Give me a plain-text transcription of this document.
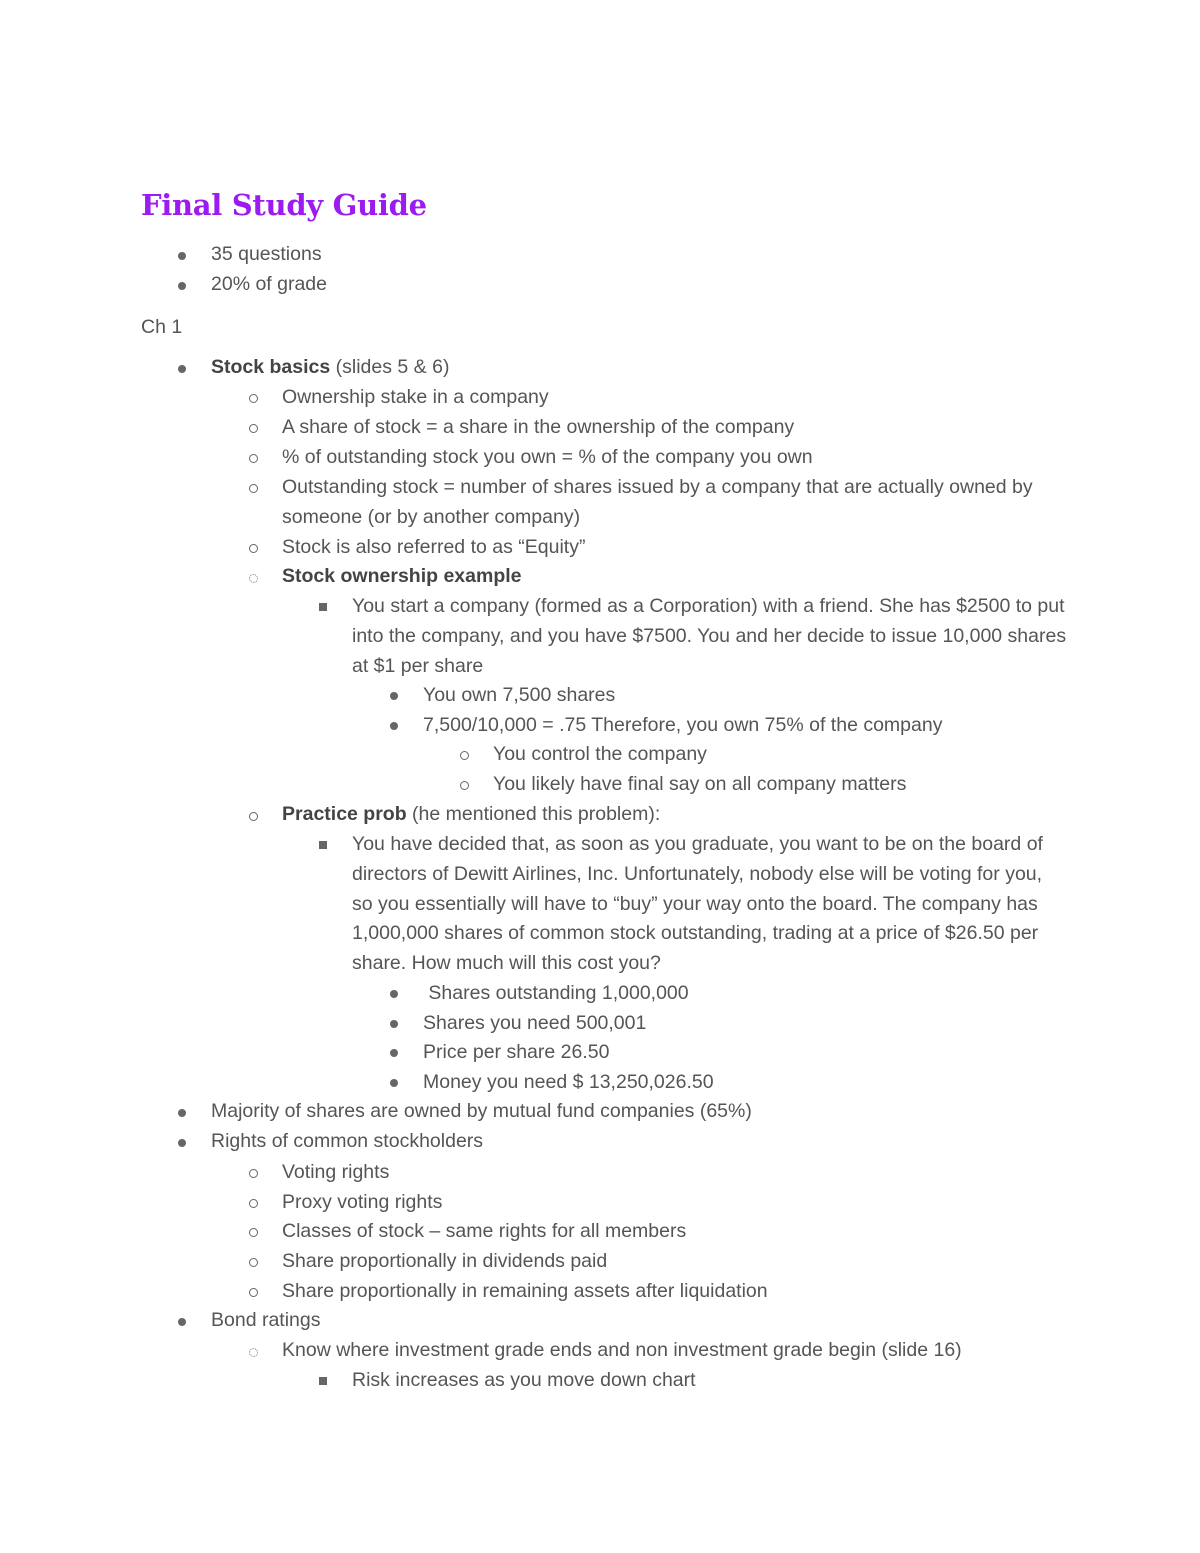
Final Study Guide
35 questions
20% of grade
Ch 1
Stock basics (slides 5 & 6)
Ownership stake in a company
A share of stock = a share in the ownership of the company
% of outstanding stock you own = % of the company you own
Outstanding stock = number of shares issued by a company that are actually owned by someone (or by another company)
Stock is also referred to as “Equity”
Stock ownership example
You start a company (formed as a Corporation) with a friend. She has $2500 to put into the company, and you have $7500. You and her decide to issue 10,000 shares at $1 per share
You own 7,500 shares
7,500/10,000 = .75 Therefore, you own 75% of the company
You control the company
You likely have final say on all company matters
Practice prob (he mentioned this problem):
You have decided that, as soon as you graduate, you want to be on the board of directors of Dewitt Airlines, Inc. Unfortunately, nobody else will be voting for you, so you essentially will have to “buy” your way onto the board. The company has 1,000,000 shares of common stock outstanding, trading at a price of $26.50 per share. How much will this cost you?
Shares outstanding 1,000,000
Shares you need 500,001
Price per share 26.50
Money you need $ 13,250,026.50
Majority of shares are owned by mutual fund companies (65%)
Rights of common stockholders
Voting rights
Proxy voting rights
Classes of stock – same rights for all members
Share proportionally in dividends paid
Share proportionally in remaining assets after liquidation
Bond ratings
Know where investment grade ends and non investment grade begin (slide 16)
Risk increases as you move down chart
